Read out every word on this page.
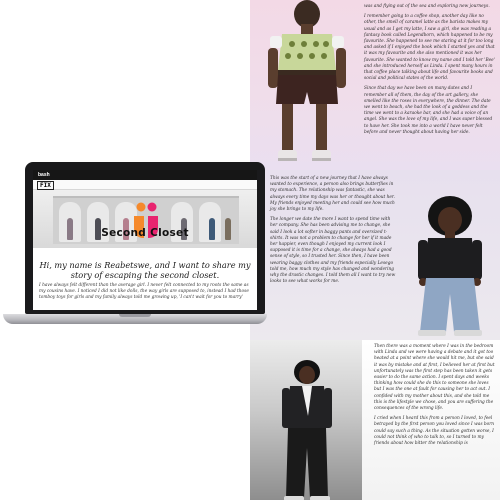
was and flying out of the sea and exploring new journeys.

I remember going to a coffee shop, another day like no other, the smell of caramel latte as the barista makes my usual and as I get my latte, I saw a girl, she was reading a fantasy book called Legendborn, which happened to be my favourite. She happened to see me staring at it for too long and asked if I enjoyed the book which I started yes and that it was my favourite and she also mentioned it was her favourite. She wanted to know my name and I told her 'Bee' and she introduced herself as Linda. I spent many hours in that coffee place talking about life and favourite books and social and political states of the world.

Since that day we have been on many dates and I remember all of them, the day of the art gallery, she smelled like the roses in everywhere, the dinner. The date we went to beach, she had the look of a goddess and the time we went to a karaoke bar, and she had a voice of an angel. She was the love of my life, and I was super blessed to have her. She took me into a world I have never felt before and never thought about having her side.

This was the start of a new journey that I have always wanted to experience, a person also brings butterflies in my stomach. The relationship was fantastic, she was always every time my days was her or thought about her. My friends enjoyed meeting her and could see how much joy she brings to my life.

The longer we date the more I want to spend time with her company. She has been advising me to change, she said I look a lot softer in baggy pants and oversized t-shirts. It was not a problem to change for her if it made her happier, even though I enjoyed my current look I supposed it is time for a change, she always had a good sense of style, so I trusted her. Since then, I have been wearing baggy clothes and my friends especially Lesego told me, how much my style has changed and wondering why the drastic changes. I told them all I want to try new looks to see what works for me.

Then there was a moment where I was in the bedroom with Linda and we were having a debate and it got too heated at a point where she would hit me, but she said it was by mistake and at first, I believed her at first but unfortunately was the first step has been taken it gets easier to do the same action. I spent days and weeks thinking how could she do this to someone she loves but I was the one at fault for causing her to act out. I confided with my mother about this, and she told me this is the lifestyle we chose, and you are suffering the consequences of the wrong life.

I cried when I heard this from a person I loved, to feel betrayed by the first person you loved since I was born could say such a thing. As the situation gotten worse, I could not think of who to talk to, so I turned to my friends about how bitter the relationship is

bash
FIX
Second Closet
Hi, my name is Reabetswe, and I want to share my story of escaping the second closet.
I have always felt different than the average girl. I never felt connected to my roots the same as my cousins have. I noticed I did not like dolls, the way girls are supposed to, instead I had those tomboy toys for girls and my family always told me growing up, 'I can't wait for you to marry'
